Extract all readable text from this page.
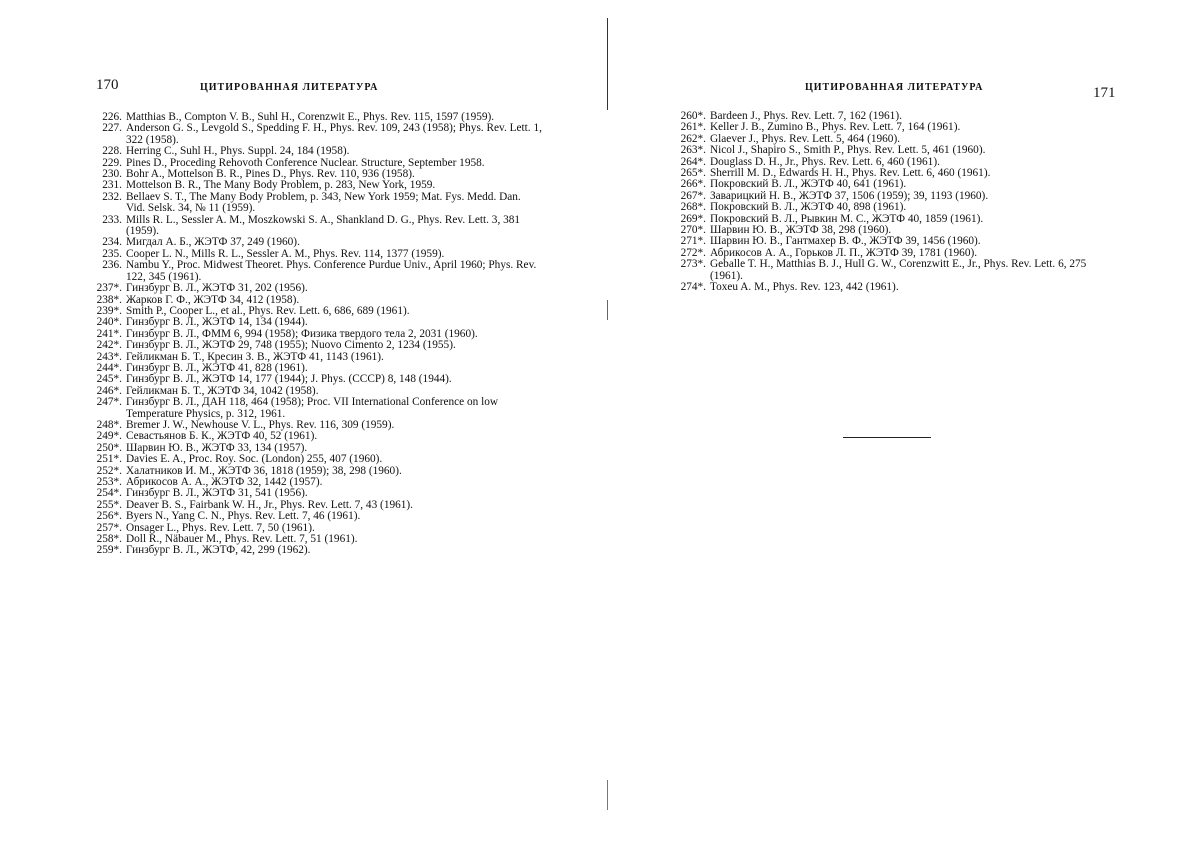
170	ЦИТИРОВАННАЯ ЛИТЕРАТУРА
226. Matthias B., Compton V. B., Suhl H., Corenzwit E., Phys. Rev. 115, 1597 (1959).
227. Anderson G. S., Levgold S., Spedding F. H., Phys. Rev. 109, 243 (1958); Phys. Rev. Lett. 1, 322 (1958).
228. Herring C., Suhl H., Phys. Suppl. 24, 184 (1958).
229. Pines D., Proceding Rehovoth Conference Nuclear. Structure, September 1958.
230. Bohr A., Mottelson B. R., Pines D., Phys. Rev. 110, 936 (1958).
231. Mottelson B. R., The Many Body Problem, p. 283, New York, 1959.
232. Bellaev S. T., The Many Body Problem, p. 343, New York 1959; Mat. Fys. Medd. Dan. Vid. Selsk. 34, № 11 (1959).
233. Mills R. L., Sessler A. M., Moszkowski S. A., Shankland D. G., Phys. Rev. Lett. 3, 381 (1959).
234. Мигдал А. Б., ЖЭТФ 37, 249 (1960).
235. Cooper L. N., Mills R. L., Sessler A. M., Phys. Rev. 114, 1377 (1959).
236. Nambu Y., Proc. Midwest Theoret. Phys. Conference Purdue Univ., April 1960; Phys. Rev. 122, 345 (1961).
237*. Гинзбург В. Л., ЖЭТФ 31, 202 (1956).
238*. Жарков Г. Ф., ЖЭТФ 34, 412 (1958).
239*. Smith P., Cooper L., et al., Phys. Rev. Lett. 6, 686, 689 (1961).
240*. Гинзбург В. Л., ЖЭТФ 14, 134 (1944).
241*. Гинзбург В. Л., ФММ 6, 994 (1958); Физика твердого тела 2, 2031 (1960).
242*. Гинзбург В. Л., ЖЭТФ 29, 748 (1955); Nuovo Cimento 2, 1234 (1955).
243*. Гейликман Б. Т., Кресин З. В., ЖЭТФ 41, 1143 (1961).
244*. Гинзбург В. Л., ЖЭТФ 41, 828 (1961).
245*. Гинзбург В. Л., ЖЭТФ 14, 177 (1944); J. Phys. (СССР) 8, 148 (1944).
246*. Гейликман Б. Т., ЖЭТФ 34, 1042 (1958).
247*. Гинзбург В. Л., ДАН 118, 464 (1958); Proc. VII International Conference on low Temperature Physics, p. 312, 1961.
248*. Bremer J. W., Newhouse V. L., Phys. Rev. 116, 309 (1959).
249*. Севастьянов Б. К., ЖЭТФ 40, 52 (1961).
250*. Шарвин Ю. В., ЖЭТФ 33, 134 (1957).
251*. Davies E. A., Proc. Roy. Soc. (London) 255, 407 (1960).
252*. Халатников И. М., ЖЭТФ 36, 1818 (1959); 38, 298 (1960).
253*. Абрикосов А. А., ЖЭТФ 32, 1442 (1957).
254*. Гинзбург В. Л., ЖЭТФ 31, 541 (1956).
255*. Deaver B. S., Fairbank W. H., Jr., Phys. Rev. Lett. 7, 43 (1961).
256*. Byers N., Yang C. N., Phys. Rev. Lett. 7, 46 (1961).
257*. Onsager L., Phys. Rev. Lett. 7, 50 (1961).
258*. Doll R., Näbauer M., Phys. Rev. Lett. 7, 51 (1961).
259*. Гинзбург В. Л., ЖЭТФ, 42, 299 (1962).
ЦИТИРОВАННАЯ ЛИТЕРАТУРА	171
260*. Bardeen J., Phys. Rev. Lett. 7, 162 (1961).
261*. Keller J. B., Zumino B., Phys. Rev. Lett. 7, 164 (1961).
262*. Glaever J., Phys. Rev. Lett. 5, 464 (1960).
263*. Nicol J., Shapiro S., Smith P., Phys. Rev. Lett. 5, 461 (1960).
264*. Douglass D. H., Jr., Phys. Rev. Lett. 6, 460 (1961).
265*. Sherrill M. D., Edwards H. H., Phys. Rev. Lett. 6, 460 (1961).
266*. Покровский В. Л., ЖЭТФ 40, 641 (1961).
267*. Заварицкий Н. В., ЖЭТФ 37, 1506 (1959); 39, 1193 (1960).
268*. Покровский В. Л., ЖЭТФ 40, 898 (1961).
269*. Покровский В. Л., Рывкин М. С., ЖЭТФ 40, 1859 (1961).
270*. Шарвин Ю. В., ЖЭТФ 38, 298 (1960).
271*. Шарвин Ю. В., Гантмахер В. Ф., ЖЭТФ 39, 1456 (1960).
272*. Абрикосов А. А., Горьков Л. П., ЖЭТФ 39, 1781 (1960).
273*. Geballe T. H., Matthias B. J., Hull G. W., Corenzwitt E., Jr., Phys. Rev. Lett. 6, 275 (1961).
274*. Toxeu A. M., Phys. Rev. 123, 442 (1961).
